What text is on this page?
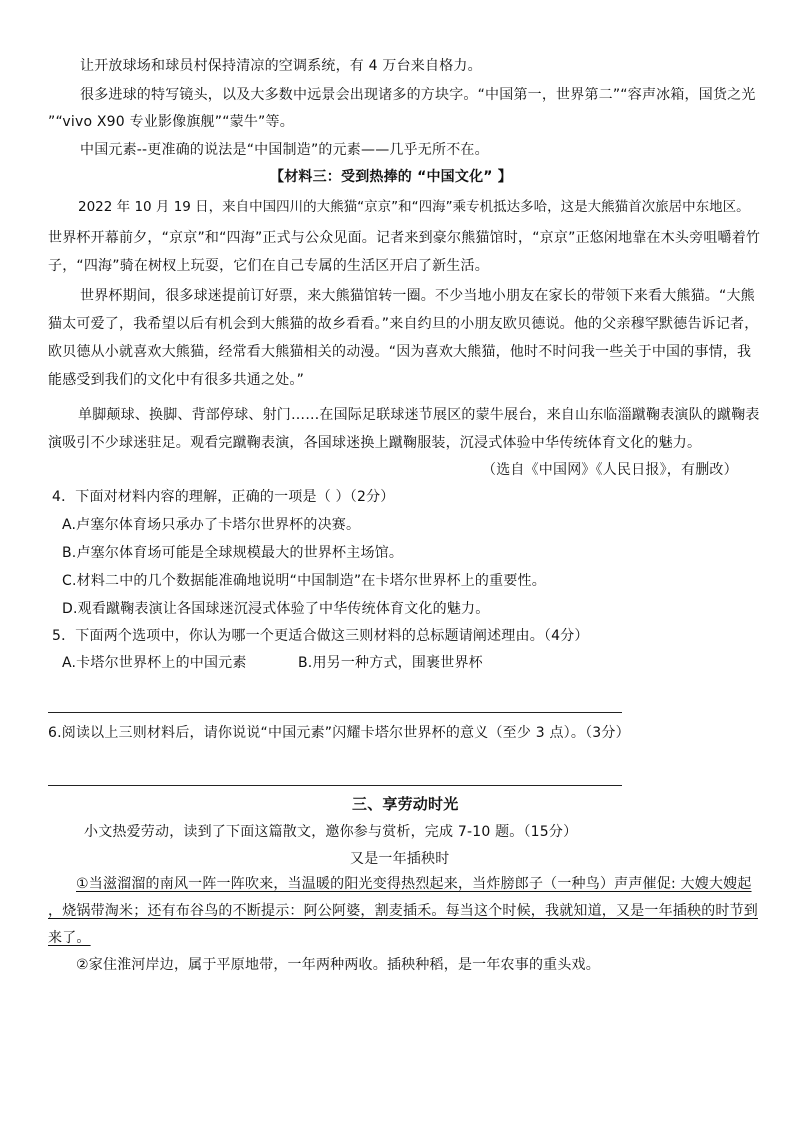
让开放球场和球员村保持清凉的空调系统，有 4 万台来自格力。
很多进球的特写镜头，以及大多数中远景会出现诸多的方块字。“中国第一，世界第二”“容声冰箱，国货之光
”“vivo X90 专业影像旗舰”“蒙牛”等。
中国元素--更准确的说法是“中国制造”的元素——几乎无所不在。
【材料三：受到热捧的 “中国文化” 】
2022 年 10 月 19 日，来自中国四川的大熊猫“京京”和“四海”乘专机抵达多哈，这是大熊猫首次旅居中东地区。
世界杯开幕前夕，“京京”和“四海”正式与公众见面。记者来到豪尔熊猫馆时，“京京”正悠闲地靠在木头旁咀嚼着竹
子，“四海”骑在树杈上玩耍，它们在自己专属的生活区开启了新生活。
世界杯期间，很多球迷提前订好票，来大熊猫馆转一圈。不少当地小朋友在家长的带领下来看大熊猫。“大熊
猫太可爱了，我希望以后有机会到大熊猫的故乡看看。”来自约旦的小朋友欧贝德说。他的父亲穆罕默德告诉记者，
欧贝德从小就喜欢大熊猫，经常看大熊猫相关的动漫。“因为喜欢大熊猫，他时不时问我一些关于中国的事情，我
能感受到我们的文化中有很多共通之处。”
单脚颠球、换脚、背部停球、射门……在国际足联球迷节展区的蒙牛展台，来自山东临淄蹴鞠表演队的蹴鞠表
演吸引不少球迷驻足。观看完蹴鞠表演，各国球迷换上蹴鞠服装，沉浸式体验中华传统体育文化的魅力。
（选自《中国网》《人民日报》，有删改）
4．下面对材料内容的理解，正确的一项是（ ）（2分）
A.卢塞尔体育场只承办了卡塔尔世界杯的决赛。
B.卢塞尔体育场可能是全球规模最大的世界杯主场馆。
C.材料二中的几个数据能准确地说明“中国制造”在卡塔尔世界杯上的重要性。
D.观看蹴鞠表演让各国球迷沉浸式体验了中华传统体育文化的魅力。
5．下面两个选项中，你认为哪一个更适合做这三则材料的总标题请阐述理由。（4分）
A.卡塔尔世界杯上的中国元素	B.用另一种方式，围裹世界杯
6.阅读以上三则材料后，请你说说“中国元素”闪耀卡塔尔世界杯的意义（至少 3 点）。（3分）
三、享劳动时光
小文热爱劳动，读到了下面这篇散文，邀你参与赏析，完成 7-10 题。（15分）
又是一年插秧时
①当滋溜溜的南风一阵一阵吹来，当温暖的阳光变得热烈起来，当炸膀郎子（一种鸟）声声催促: 大嫂大嫂起
，烧锅带淘米；还有布谷鸟的不断提示：阿公阿婆，割麦插禾。每当这个时候，我就知道，又是一年插秧的时节到
来了。
②家住淮河岸边，属于平原地带，一年两种两收。插秧种稻，是一年农事的重头戏。
